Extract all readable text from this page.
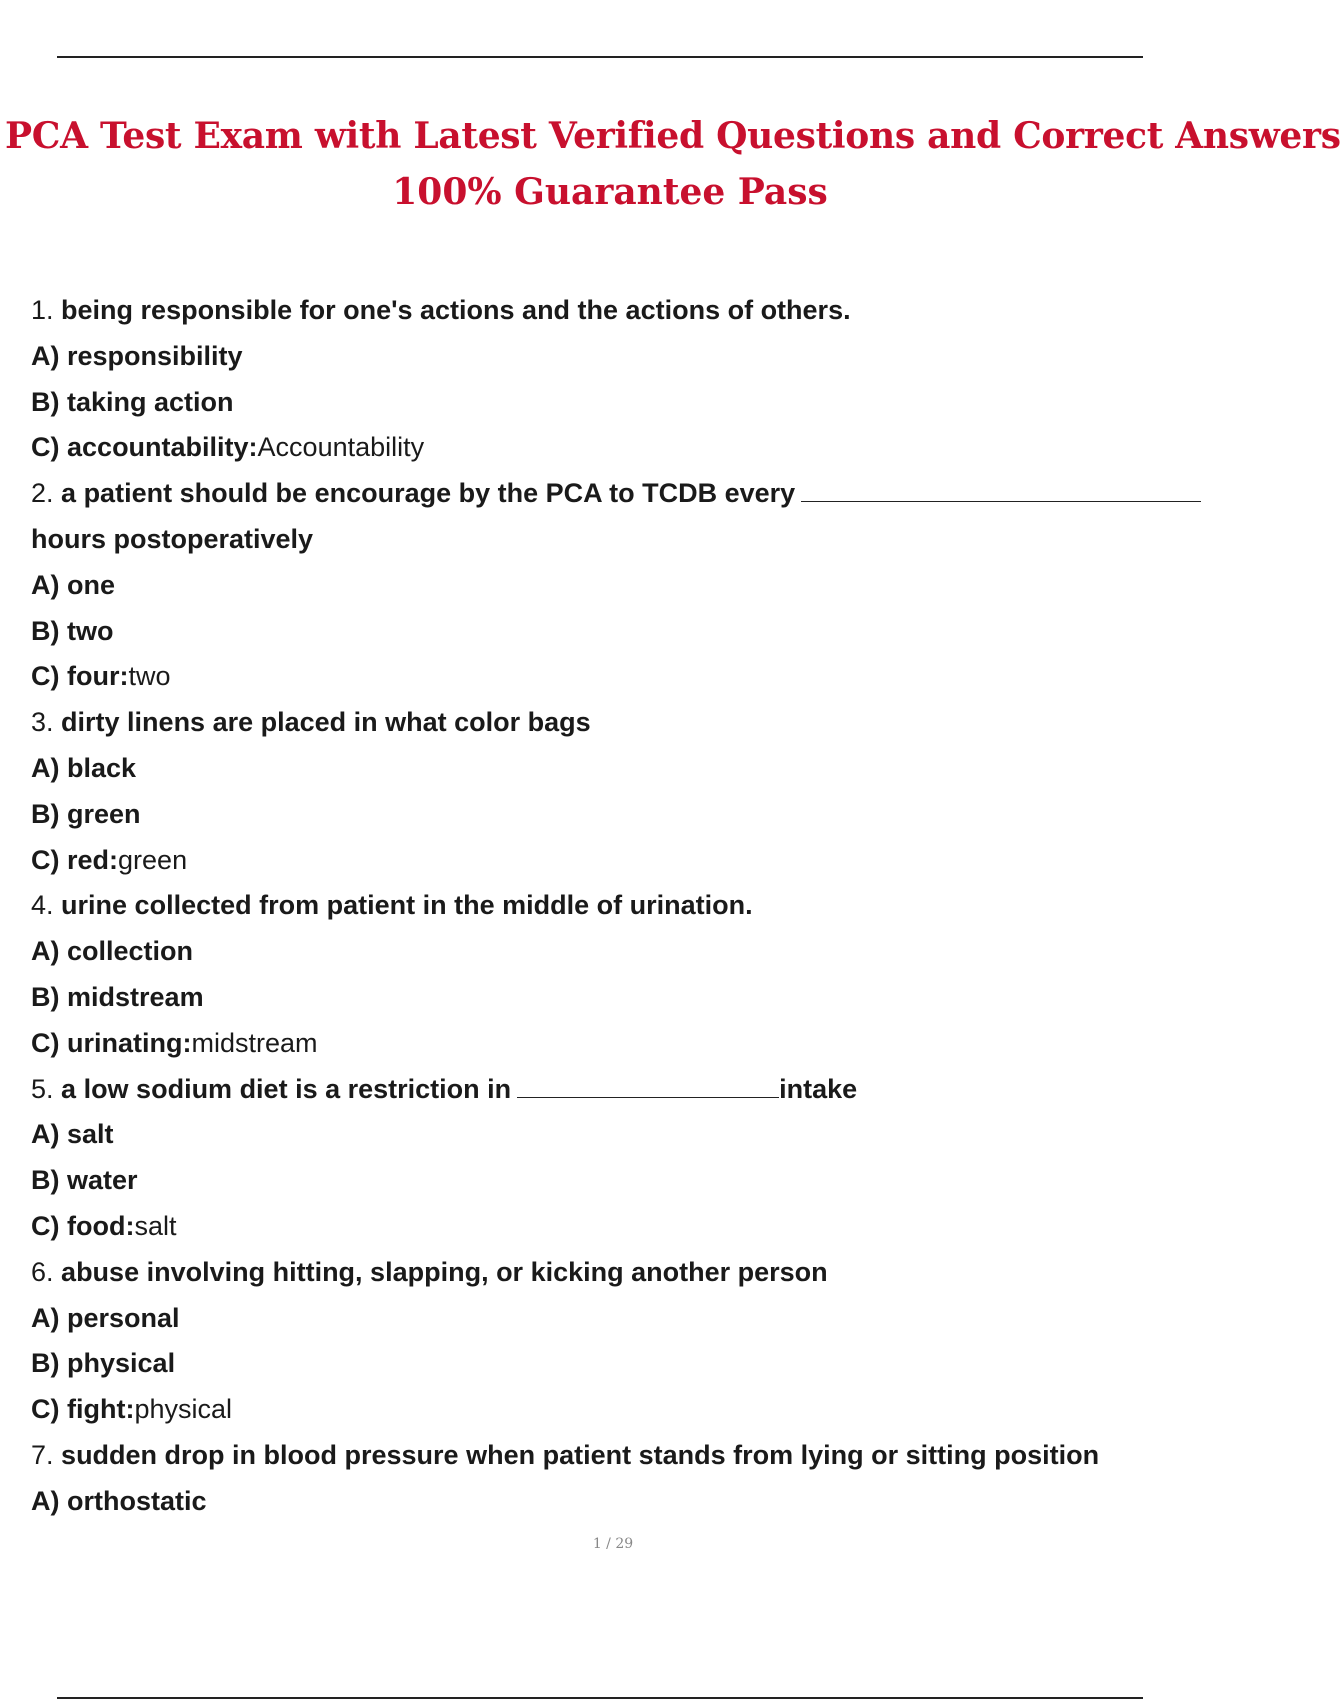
PCA Test Exam with Latest Verified Questions and Correct Answers
100% Guarantee Pass
1. being responsible for one's actions and the actions of others.
A) responsibility
B) taking action
C) accountability:Accountability
2. a patient should be encourage by the PCA to TCDB every
hours postoperatively
A) one
B) two
C) four:two
3. dirty linens are placed in what color bags
A) black
B) green
C) red:green
4. urine collected from patient in the middle of urination.
A) collection
B) midstream
C) urinating:midstream
5. a low sodium diet is a restriction in	intake
A) salt
B) water
C) food:salt
6. abuse involving hitting, slapping, or kicking another person
A) personal
B) physical
C) fight:physical
7. sudden drop in blood pressure when patient stands from lying or sitting position
A) orthostatic
1 / 29
